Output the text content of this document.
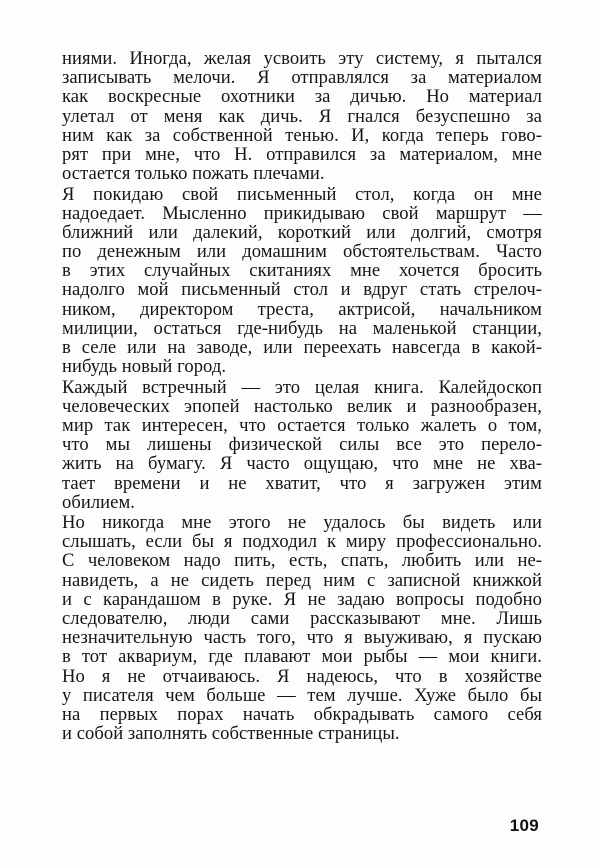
ниями. Иногда, желая усвоить эту систему, я пытался
записывать мелочи. Я отправлялся за материалом
как воскресные охотники за дичью. Но материал
улетал от меня как дичь. Я гнался безуспешно за
ним как за собственной тенью. И, когда теперь гово-
рят при мне, что Н. отправился за материалом, мне
остается только пожать плечами.
Я покидаю свой письменный стол, когда он мне
надоедает. Мысленно прикидываю свой маршрут —
ближний или далекий, короткий или долгий, смотря
по денежным или домашним обстоятельствам. Часто
в этих случайных скитаниях мне хочется бросить
надолго мой письменный стол и вдруг стать стрелоч-
ником, директором треста, актрисой, начальником
милиции, остаться где-нибудь на маленькой станции,
в селе или на заводе, или переехать навсегда в какой-
нибудь новый город.
Каждый встречный — это целая книга. Калейдоскоп
человеческих эпопей настолько велик и разнообразен,
мир так интересен, что остается только жалеть о том,
что мы лишены физической силы все это перело-
жить на бумагу. Я часто ощущаю, что мне не хва-
тает времени и не хватит, что я загружен этим
обилием.
Но никогда мне этого не удалось бы видеть или
слышать, если бы я подходил к миру профессионально.
С человеком надо пить, есть, спать, любить или не-
навидеть, а не сидеть перед ним с записной книжкой
и с карандашом в руке. Я не задаю вопросы подобно
следователю, люди сами рассказывают мне. Лишь
незначительную часть того, что я выуживаю, я пускаю
в тот аквариум, где плавают мои рыбы — мои книги.
Но я не отчаиваюсь. Я надеюсь, что в хозяйстве
у писателя чем больше — тем лучше. Хуже было бы
на первых порах начать обкрадывать самого себя
и собой заполнять собственные страницы.
109
